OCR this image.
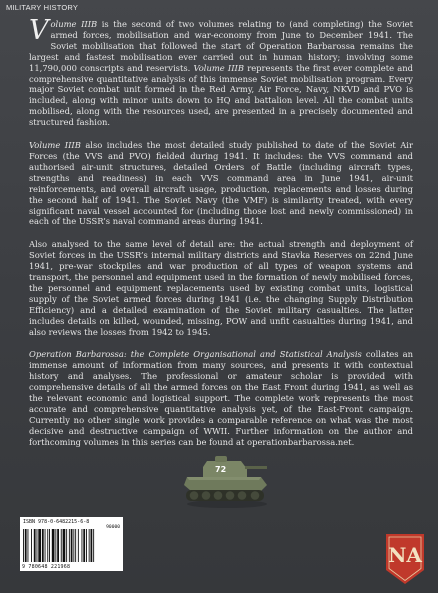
MILITARY HISTORY

Volume IIIB is the second of two volumes relating to (and completing) the Soviet armed forces, mobilisation and war-economy from June to December 1941. The Soviet mobilisation that followed the start of Operation Barbarossa remains the largest and fastest mobilisation ever carried out in human history; involving some 11,790,000 conscripts and reservists. Volume IIIB represents the first ever complete and comprehensive quantitative analysis of this immense Soviet mobilisation program. Every major Soviet combat unit formed in the Red Army, Air Force, Navy, NKVD and PVO is included, along with minor units down to HQ and battalion level. All the combat units mobilised, along with the resources used, are presented in a precisely documented and structured fashion.

Volume IIIB also includes the most detailed study published to date of the Soviet Air Forces (the VVS and PVO) fielded during 1941. It includes: the VVS command and authorised air-unit structures, detailed Orders of Battle (including aircraft types, strengths and readiness) in each VVS command area in June 1941, air-unit reinforcements, and overall aircraft usage, production, replacements and losses during the second half of 1941. The Soviet Navy (the VMF) is similarity treated, with every significant naval vessel accounted for (including those lost and newly commissioned) in each of the USSR’s naval command areas during 1941.

Also analysed to the same level of detail are: the actual strength and deployment of Soviet forces in the USSR’s internal military districts and Stavka Reserves on 22nd June 1941, pre-war stockpiles and war production of all types of weapon systems and transport, the personnel and equipment used in the formation of newly mobilised forces, the personnel and equipment replacements used by existing combat units, logistical supply of the Soviet armed forces during 1941 (i.e. the changing Supply Distribution Efficiency) and a detailed examination of the Soviet military casualties. The latter includes details on killed, wounded, missing, POW and unfit casualties during 1941, and also reviews the losses from 1942 to 1945.

Operation Barbarossa: the Complete Organisational and Statistical Analysis collates an immense amount of information from many sources, and presents it with contextual history and analyses. The professional or amateur scholar is provided with comprehensive details of all the armed forces on the East Front during 1941, as well as the relevant economic and logistical support. The complete work represents the most accurate and comprehensive quantitative analysis yet, of the East-Front campaign. Currently no other single work provides a comparable reference on what was the most decisive and destructive campaign of WWII. Further information on the author and forthcoming volumes in this series can be found at operationbarbarossa.net.

72
ISBN 978-0-6482215-6-8
90000
9 780648 221968	NA
